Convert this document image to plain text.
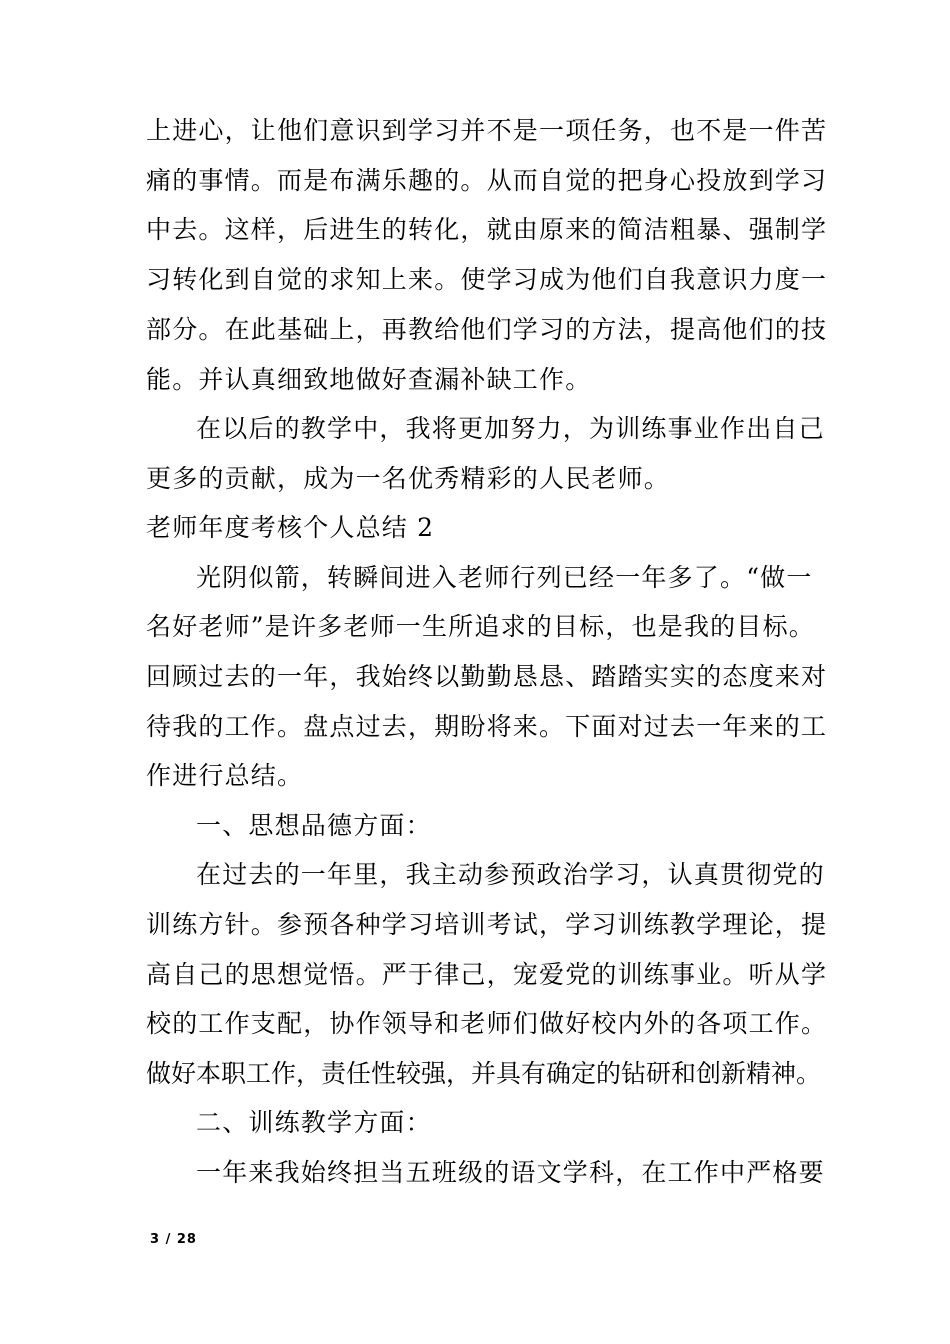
上进心，让他们意识到学习并不是一项任务，也不是一件苦
痛的事情。而是布满乐趣的。从而自觉的把身心投放到学习
中去。这样，后进生的转化，就由原来的简洁粗暴、强制学
习转化到自觉的求知上来。使学习成为他们自我意识力度一
部分。在此基础上，再教给他们学习的方法，提高他们的技
能。并认真细致地做好查漏补缺工作。
在以后的教学中，我将更加努力，为训练事业作出自己
更多的贡献，成为一名优秀精彩的人民老师。
老师年度考核个人总结 2
光阴似箭，转瞬间进入老师行列已经一年多了。“做一
名好老师”是许多老师一生所追求的目标，也是我的目标。
回顾过去的一年，我始终以勤勤恳恳、踏踏实实的态度来对
待我的工作。盘点过去，期盼将来。下面对过去一年来的工
作进行总结。
一、思想品德方面：
在过去的一年里，我主动参预政治学习，认真贯彻党的
训练方针。参预各种学习培训考试，学习训练教学理论，提
高自己的思想觉悟。严于律己，宠爱党的训练事业。听从学
校的工作支配，协作领导和老师们做好校内外的各项工作。
做好本职工作，责任性较强，并具有确定的钻研和创新精神。
二、训练教学方面：
一年来我始终担当五班级的语文学科，在工作中严格要
3 / 28
